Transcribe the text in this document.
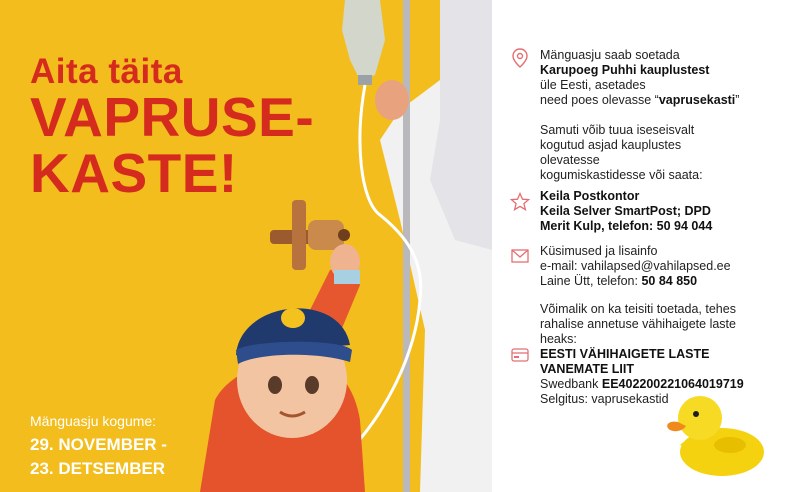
Aita täita
VAPRUSE-
KASTE!
Mänguasju kogume:
29. NOVEMBER -
23. DETSEMBER
Mänguasju saab soetada
Karupoeg Puhhi kauplustest
üle Eesti, asetades
need poes olevasse “vaprusekasti”
Samuti võib tuua iseseisvalt
kogutud asjad kauplustes
olevatesse
kogumiskastidesse või saata:
Keila Postkontor
Keila Selver SmartPost; DPD
Merit Kulp, telefon: 50 94 044
Küsimused ja lisainfo
e-mail: vahilapsed@vahilapsed.ee
Laine Ütt, telefon: 50 84 850
Võimalik on ka teisiti toetada, tehes
rahalise annetuse vähihaigete laste
heaks:
EESTI VÄHIHAIGETE LASTE
VANEMATE LIIT
Swedbank EE402200221064019719
Selgitus: vaprusekastid
